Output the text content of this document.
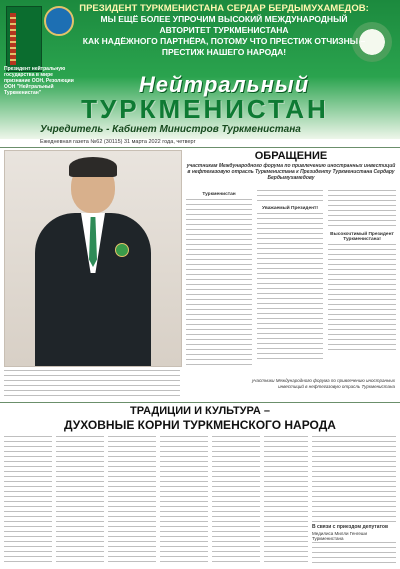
ПРЕЗИДЕНТ ТУРКМЕНИСТАНА СЕРДАР БЕРДЫМУХАМЕДОВ:
МЫ ЕЩЁ БОЛЕЕ УПРОЧИМ ВЫСОКИЙ МЕЖДУНАРОДНЫЙ АВТОРИТЕТ ТУРКМЕНИСТАНА
КАК НАДЁЖНОГО ПАРТНЁРА, ПОТОМУ ЧТО ПРЕСТИЖ ОТЧИЗНЫ – ПРЕСТИЖ НАШЕГО НАРОДА!
Президент нейтральную государства в мире признание ООН, Резолюции ООН "Нейтральный Туркменистан"	Нейтральный
ТУРКМЕНИСТАН
Учредитель - Кабинет Министров Туркменистана
Ежедневная газета №62 (30115) 31 марта 2022 года, четверг
ОБРАЩЕНИЕ
участникам Международного форума по привлечению иностранных инвестиций в нефтегазовую отрасль Туркменистана к Президенту Туркменистана Сердару Бердымухамедову
Туркменистан
Уважаемый Президент!
Высокочтимый Президент Туркменистана!
участники Международного форума по привлечению иностранных инвестиций в нефтегазовую отрасль Туркменистана
ТРАДИЦИИ И КУЛЬТУРА –
ДУХОВНЫЕ КОРНИ ТУРКМЕНСКОГО НАРОДА
В связи с приездом депутатов
Медилиса Милли Генгеши Туркменистана
